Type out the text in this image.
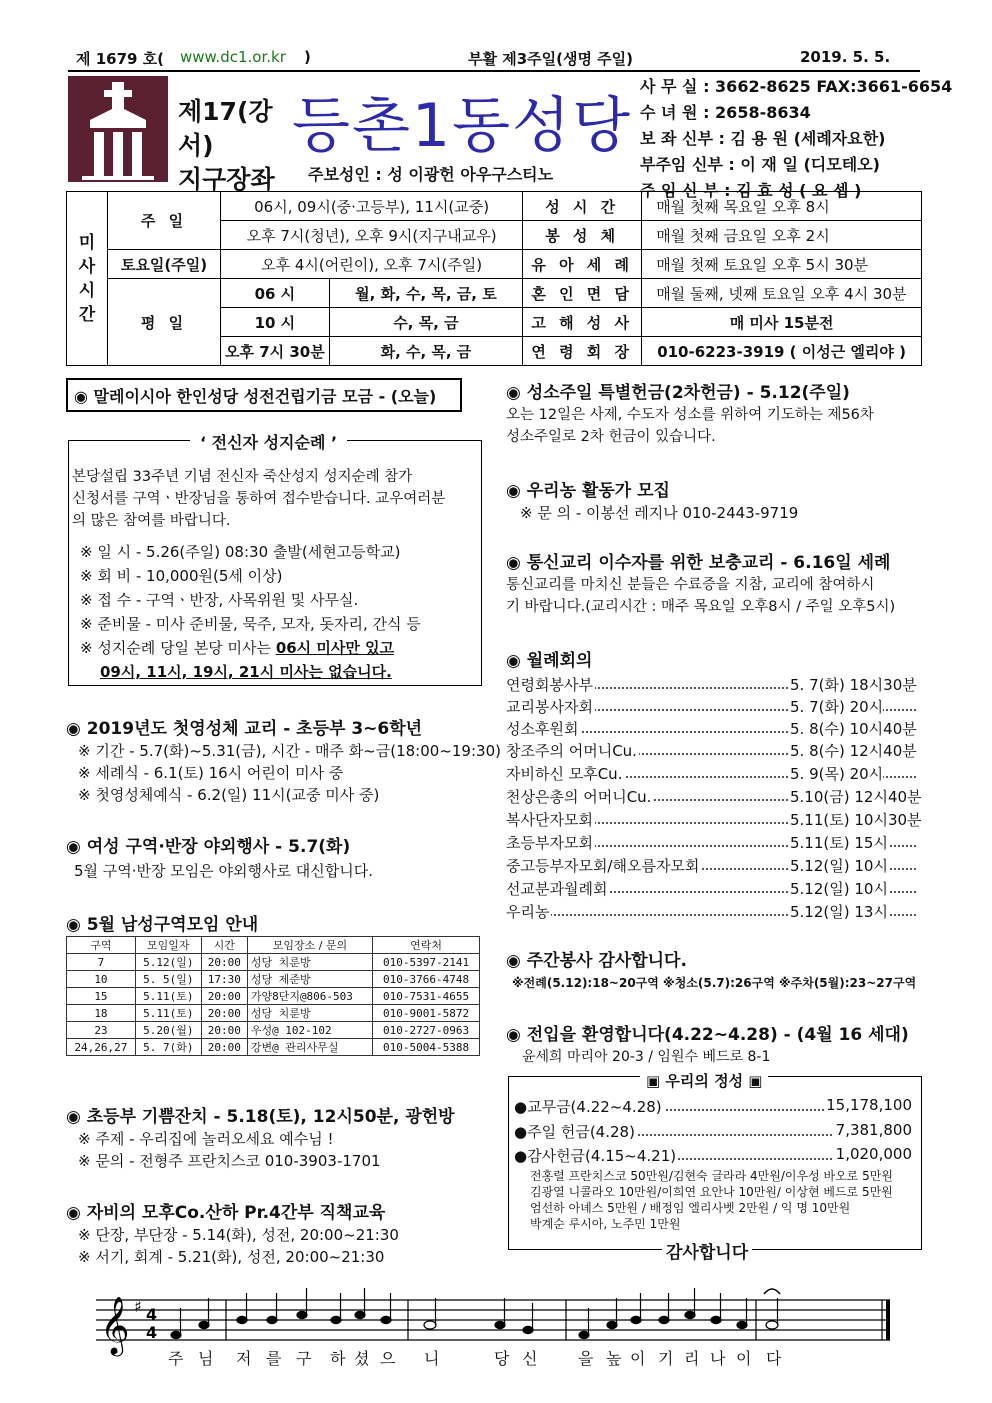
제 1679 호( www.dc1.or.kr )	부활 제3주일(생명 주일)	2019. 5. 5.
제17(강서)
지구장좌
등촌1동성당
주보성인 : 성 이광헌 아우구스티노
사 무 실 : 3662-8625 FAX:3661-6654
수 녀 원 : 2658-8634
보 좌 신부 : 김 용 원 (세례자요한)
부주임 신부 : 이 재 일 (디모테오)
주 임 신 부 : 김 효 성 ( 요 셉 )
미사시간	주 일	06시, 09시(중·고등부), 11시(교중)		성 시 간	매월 첫째 목요일 오후 8시
		오후 7시(청년), 오후 9시(지구내교우)		봉 성 체	매월 첫째 금요일 오후 2시
	토요일(주일)	오후 4시(어린이), 오후 7시(주일)		유 아 세 례	매월 첫째 토요일 오후 5시 30분
	평 일	06 시	월, 화, 수, 목, 금, 토	혼 인 면 담	매월 둘째, 넷째 토요일 오후 4시 30분
		10 시	수, 목, 금	고 해 성 사	매 미사 15분전
		오후 7시 30분	화, 수, 목, 금	연 령 회 장	010-6223-3919 ( 이성근 엘리야 )
◉ 말레이시아 한인성당 성전건립기금 모금 - (오늘)
‘ 전신자 성지순례 ’
본당설립 33주년 기념 전신자 죽산성지 성지순례 참가
신청서를 구역ㆍ반장님을 통하여 접수받습니다. 교우여러분
의 많은 참여를 바랍니다.
※ 일 시 - 5.26(주일) 08:30 출발(세현고등학교)
※ 회 비 - 10,000원(5세 이상)
※ 접 수 - 구역ㆍ반장, 사목위원 및 사무실.
※ 준비물 - 미사 준비물, 묵주, 모자, 돗자리, 간식 등
※ 성지순례 당일 본당 미사는 06시 미사만 있고
09시, 11시, 19시, 21시 미사는 없습니다.
◉ 2019년도 첫영성체 교리 - 초등부 3~6학년
※ 기간 - 5.7(화)~5.31(금), 시간 - 매주 화~금(18:00~19:30)
※ 세례식 - 6.1(토) 16시 어린이 미사 중
※ 첫영성체예식 - 6.2(일) 11시(교중 미사 중)
◉ 여성 구역·반장 야외행사 - 5.7(화)
5월 구역·반장 모임은 야외행사로 대신합니다.
◉ 5월 남성구역모임 안내
구역	모임일자	시간	모임장소 / 문의	연락처
7	5.12(일)	20:00	성당 치룬방	010-5397-2141
10	5. 5(일)	17:30	성당 제준방	010-3766-4748
15	5.11(토)	20:00	가양8단지@806-503	010-7531-4655
18	5.11(토)	20:00	성당 치룬방	010-9001-5872
23	5.20(월)	20:00	우성@ 102-102	010-2727-0963
24,26,27	5. 7(화)	20:00	강변@ 관리사무실	010-5004-5388
◉ 초등부 기쁨잔치 - 5.18(토), 12시50분, 광헌방
※ 주제 - 우리집에 놀러오세요 예수님 !
※ 문의 - 전형주 프란치스코 010-3903-1701
◉ 자비의 모후Co.산하 Pr.4간부 직책교육
※ 단장, 부단장 - 5.14(화), 성전, 20:00~21:30
※ 서기, 회계 - 5.21(화), 성전, 20:00~21:30
◉ 성소주일 특별헌금(2차헌금) - 5.12(주일)
오는 12일은 사제, 수도자 성소를 위하여 기도하는 제56차
성소주일로 2차 헌금이 있습니다.
◉ 우리농 활동가 모집
※ 문 의 - 이봉선 레지나 010-2443-9719
◉ 통신교리 이수자를 위한 보충교리 - 6.16일 세례
통신교리를 마치신 분들은 수료증을 지참, 교리에 참여하시
기 바랍니다.(교리시간 : 매주 목요일 오후8시 / 주일 오후5시)
◉ 월례회의
연령회봉사부	5. 7(화) 18시30분
교리봉사자회	5. 7(화) 20시
성소후원회	5. 8(수) 10시40분
창조주의 어머니Cu.	5. 8(수) 12시40분
자비하신 모후Cu.	5. 9(목) 20시
천상은총의 어머니Cu.	5.10(금) 12시40분
복사단자모회	5.11(토) 10시30분
초등부자모회	5.11(토) 15시
중고등부자모회/해오름자모회	5.12(일) 10시
선교분과월례회	5.12(일) 10시
우리농	5.12(일) 13시
◉ 주간봉사 감사합니다.
※전례(5.12):18~20구역 ※청소(5.7):26구역 ※주차(5월):23~27구역
◉ 전입을 환영합니다(4.22~4.28) - (4월 16 세대)
윤세희 마리아 20-3 / 임원수 베드로 8-1
▣ 우리의 정성 ▣
●교무금(4.22~4.28)	15,178,100
●주일 헌금(4.28)	7,381,800
●감사헌금(4.15~4.21)	1,020,000
전홍렬 프란치스코 50만원/김현숙 글라라 4만원/이우성 바오로 5만원
김광열 니콜라오 10만원/이희연 요안나 10만원/ 이상현 베드로 5만원
엄선하 아녜스 5만원 / 배정임 엘리사벳 2만원 / 익 명 10만원
박계순 루시아, 노주민 1만원
감사합니다
𝄞 ♯ 4
4
주 님 저 를 구 하 셨 으 니	당 신	을 높 이 기 리 나 이 다
